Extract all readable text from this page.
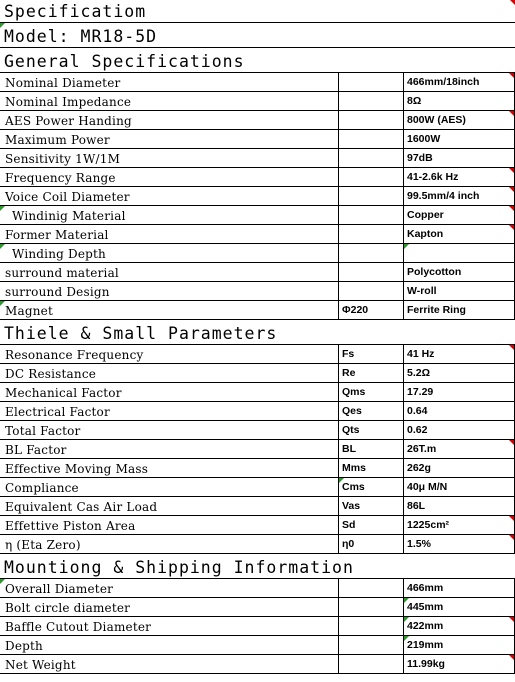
Specificatiom
Model: MR18-5D
General Specifications
Nominal Diameter	466mm/18inch
Nominal Impedance	8Ω
AES Power Handing	800W (AES)
Maximum Power	1600W
Sensitivity 1W/1M	97dB
Frequency Range	41-2.6k Hz
Voice Coil Diameter	99.5mm/4 inch
Windinig Material	Copper
Former Material	Kapton
Winding Depth
surround material	Polycotton
surround Design	W-roll
Magnet	Φ220	Ferrite Ring
Thiele & Small Parameters
Resonance Frequency	Fs	41 Hz
DC Resistance	Re	5.2Ω
Mechanical Factor	Qms	17.29
Electrical Factor	Qes	0.64
Total Factor	Qts	0.62
BL Factor	BL	26T.m
Effective Moving Mass	Mms	262g
Compliance	Cms	40μ M/N
Equivalent Cas Air Load	Vas	86L
Effettive Piston Area	Sd	1225cm²
η (Eta Zero)	η0	1.5%
Mountiong & Shipping Information
Overall Diameter	466mm
Bolt circle diameter	445mm
Baffle Cutout Diameter	422mm
Depth	219mm
Net Weight	11.99kg
